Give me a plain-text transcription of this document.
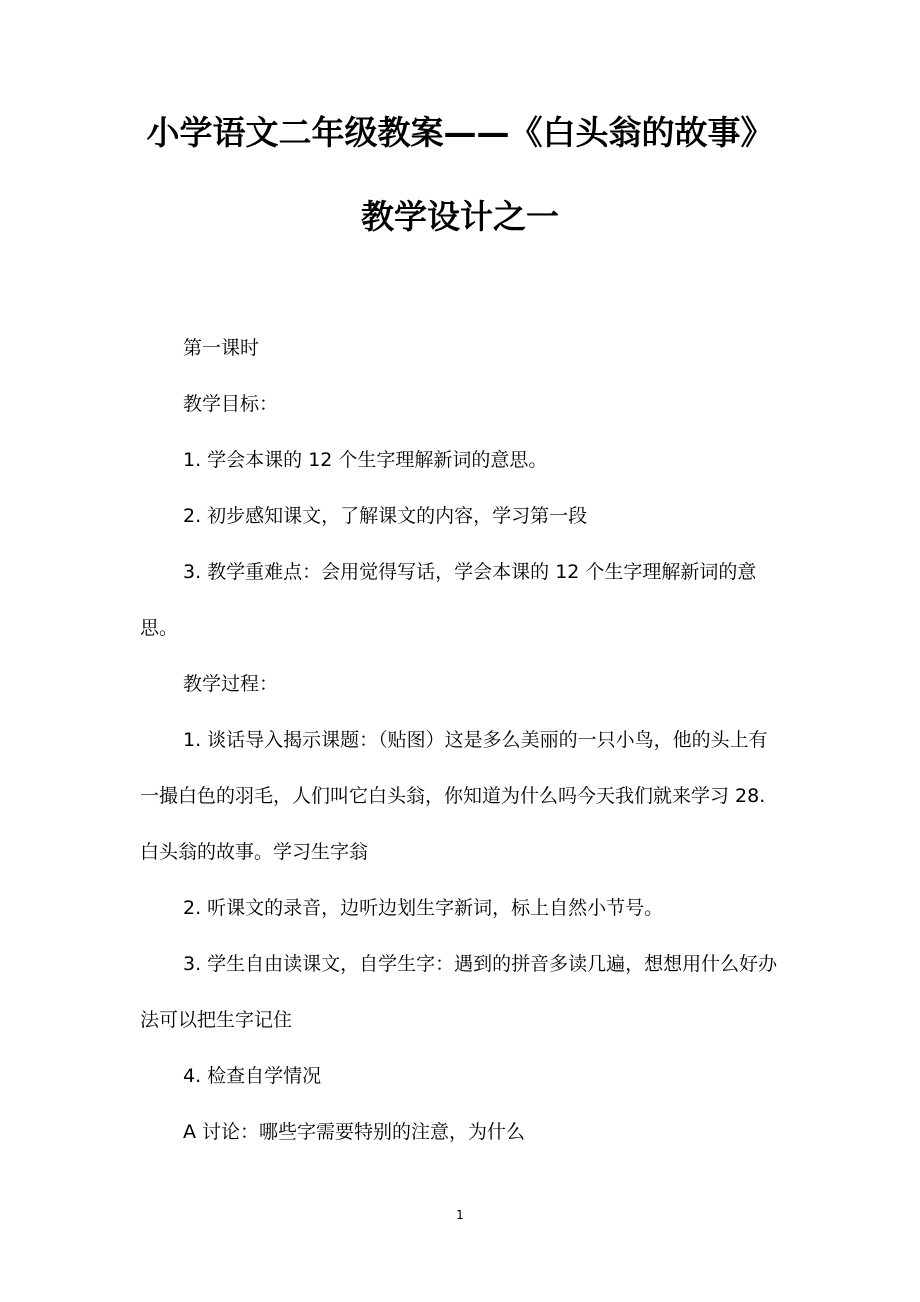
小学语文二年级教案——《白头翁的故事》
教学设计之一
第一课时
教学目标：
1. 学会本课的 12 个生字理解新词的意思。
2. 初步感知课文，了解课文的内容，学习第一段
3. 教学重难点：会用觉得写话，学会本课的 12 个生字理解新词的意思。
教学过程：
1. 谈话导入揭示课题：（贴图）这是多么美丽的一只小鸟，他的头上有一撮白色的羽毛，人们叫它白头翁，你知道为什么吗今天我们就来学习 28.白头翁的故事。学习生字翁
2. 听课文的录音，边听边划生字新词，标上自然小节号。
3. 学生自由读课文，自学生字：遇到的拼音多读几遍，想想用什么好办法可以把生字记住
4. 检查自学情况
A 讨论：哪些字需要特别的注意，为什么
1
